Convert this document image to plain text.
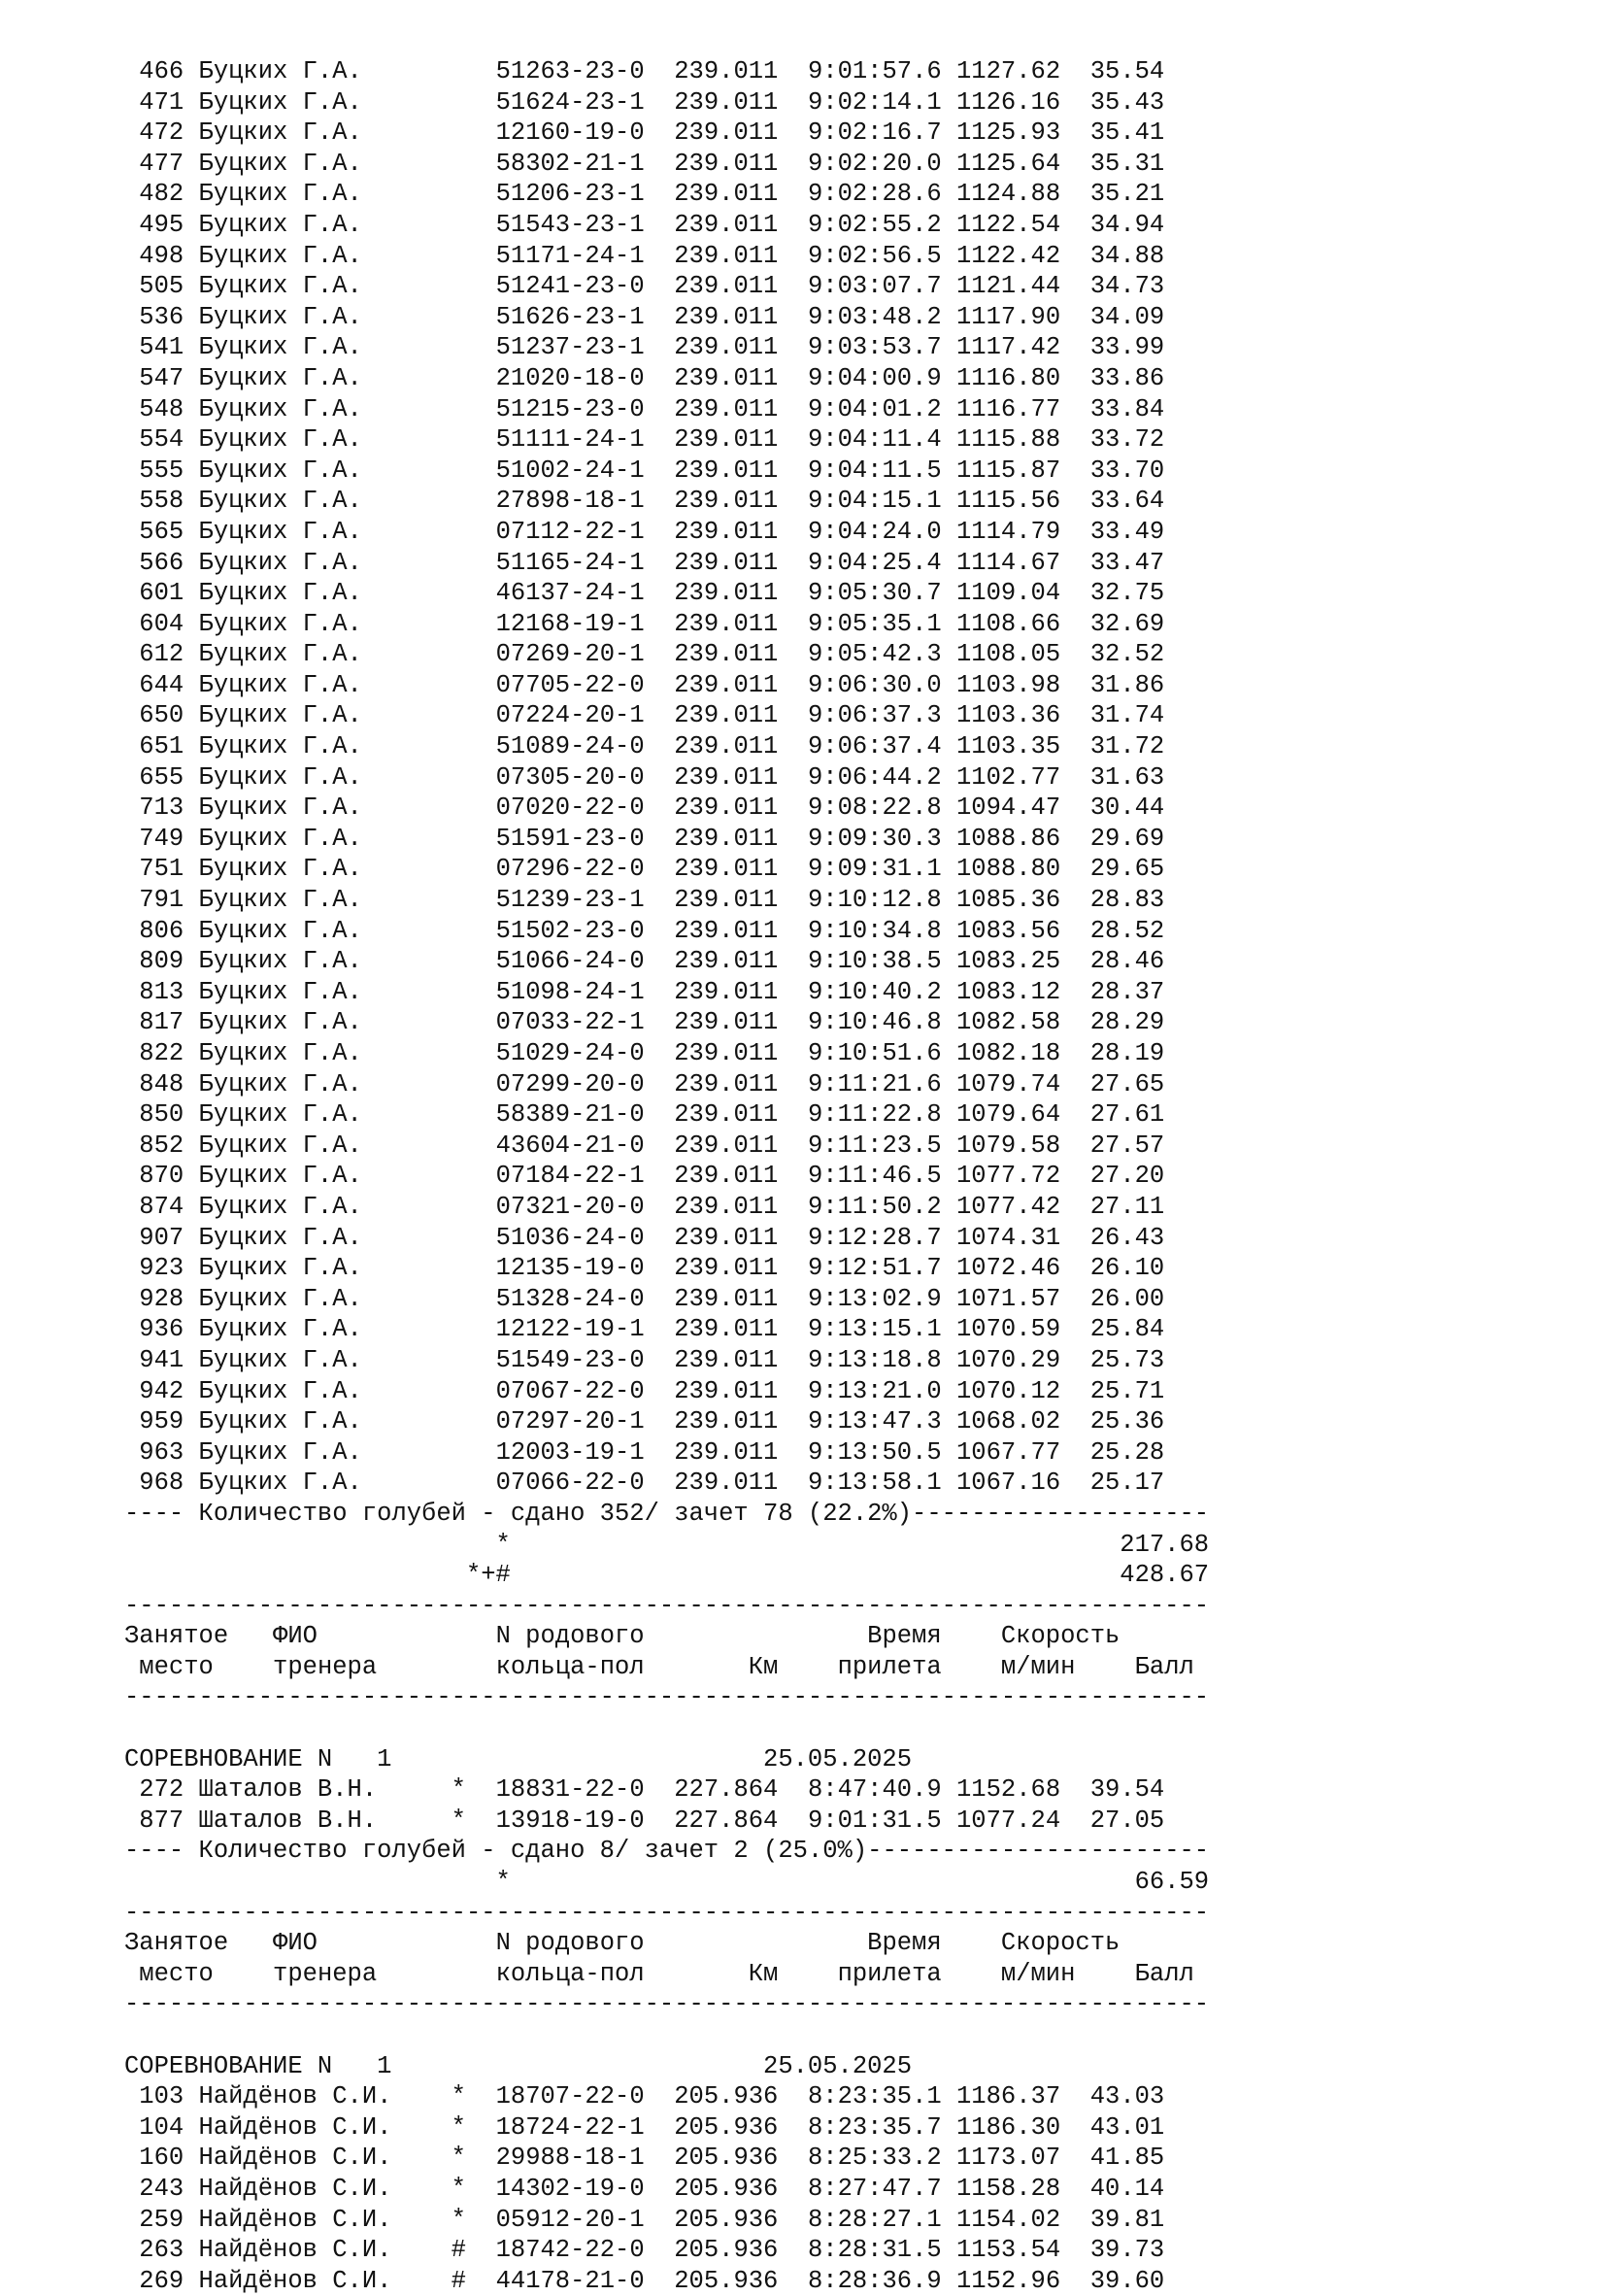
466 Буцких Г.А.         51263-23-0  239.011  9:01:57.6 1127.62  35.54
471 Буцких Г.А.         51624-23-1  239.011  9:02:14.1 1126.16  35.43
472 Буцких Г.А.         12160-19-0  239.011  9:02:16.7 1125.93  35.41
477 Буцких Г.А.         58302-21-1  239.011  9:02:20.0 1125.64  35.31
482 Буцких Г.А.         51206-23-1  239.011  9:02:28.6 1124.88  35.21
495 Буцких Г.А.         51543-23-1  239.011  9:02:55.2 1122.54  34.94
498 Буцких Г.А.         51171-24-1  239.011  9:02:56.5 1122.42  34.88
505 Буцких Г.А.         51241-23-0  239.011  9:03:07.7 1121.44  34.73
536 Буцких Г.А.         51626-23-1  239.011  9:03:48.2 1117.90  34.09
541 Буцких Г.А.         51237-23-1  239.011  9:03:53.7 1117.42  33.99
547 Буцких Г.А.         21020-18-0  239.011  9:04:00.9 1116.80  33.86
548 Буцких Г.А.         51215-23-0  239.011  9:04:01.2 1116.77  33.84
554 Буцких Г.А.         51111-24-1  239.011  9:04:11.4 1115.88  33.72
555 Буцких Г.А.         51002-24-1  239.011  9:04:11.5 1115.87  33.70
558 Буцких Г.А.         27898-18-1  239.011  9:04:15.1 1115.56  33.64
565 Буцких Г.А.         07112-22-1  239.011  9:04:24.0 1114.79  33.49
566 Буцких Г.А.         51165-24-1  239.011  9:04:25.4 1114.67  33.47
601 Буцких Г.А.         46137-24-1  239.011  9:05:30.7 1109.04  32.75
604 Буцких Г.А.         12168-19-1  239.011  9:05:35.1 1108.66  32.69
612 Буцких Г.А.         07269-20-1  239.011  9:05:42.3 1108.05  32.52
644 Буцких Г.А.         07705-22-0  239.011  9:06:30.0 1103.98  31.86
650 Буцких Г.А.         07224-20-1  239.011  9:06:37.3 1103.36  31.74
651 Буцких Г.А.         51089-24-0  239.011  9:06:37.4 1103.35  31.72
655 Буцких Г.А.         07305-20-0  239.011  9:06:44.2 1102.77  31.63
713 Буцких Г.А.         07020-22-0  239.011  9:08:22.8 1094.47  30.44
749 Буцких Г.А.         51591-23-0  239.011  9:09:30.3 1088.86  29.69
751 Буцких Г.А.         07296-22-0  239.011  9:09:31.1 1088.80  29.65
791 Буцких Г.А.         51239-23-1  239.011  9:10:12.8 1085.36  28.83
806 Буцких Г.А.         51502-23-0  239.011  9:10:34.8 1083.56  28.52
809 Буцких Г.А.         51066-24-0  239.011  9:10:38.5 1083.25  28.46
813 Буцких Г.А.         51098-24-1  239.011  9:10:40.2 1083.12  28.37
817 Буцких Г.А.         07033-22-1  239.011  9:10:46.8 1082.58  28.29
822 Буцких Г.А.         51029-24-0  239.011  9:10:51.6 1082.18  28.19
848 Буцких Г.А.         07299-20-0  239.011  9:11:21.6 1079.74  27.65
850 Буцких Г.А.         58389-21-0  239.011  9:11:22.8 1079.64  27.61
852 Буцких Г.А.         43604-21-0  239.011  9:11:23.5 1079.58  27.57
870 Буцких Г.А.         07184-22-1  239.011  9:11:46.5 1077.72  27.20
874 Буцких Г.А.         07321-20-0  239.011  9:11:50.2 1077.42  27.11
907 Буцких Г.А.         51036-24-0  239.011  9:12:28.7 1074.31  26.43
923 Буцких Г.А.         12135-19-0  239.011  9:12:51.7 1072.46  26.10
928 Буцких Г.А.         51328-24-0  239.011  9:13:02.9 1071.57  26.00
936 Буцких Г.А.         12122-19-1  239.011  9:13:15.1 1070.59  25.84
941 Буцких Г.А.         51549-23-0  239.011  9:13:18.8 1070.29  25.73
942 Буцких Г.А.         07067-22-0  239.011  9:13:21.0 1070.12  25.71
959 Буцких Г.А.         07297-20-1  239.011  9:13:47.3 1068.02  25.36
963 Буцких Г.А.         12003-19-1  239.011  9:13:50.5 1067.77  25.28
968 Буцких Г.А.         07066-22-0  239.011  9:13:58.1 1067.16  25.17
---- Количество голубей - сдано 352/ зачет 78 (22.2%)--------------------
*                                         217.68
*+#                                         428.67
-------------------------------------------------------------------------
Занятое   ФИО            N родового               Время    Скорость
место    тренера        кольца-пол       Км    прилета    м/мин    Балл
-------------------------------------------------------------------------
СОРЕВНОВАНИЕ N   1                         25.05.2025
272 Шаталов В.Н.     *  18831-22-0  227.864  8:47:40.9 1152.68  39.54
877 Шаталов В.Н.     *  13918-19-0  227.864  9:01:31.5 1077.24  27.05
---- Количество голубей - сдано 8/ зачет 2 (25.0%)-----------------------
*                                          66.59
-------------------------------------------------------------------------
Занятое   ФИО            N родового               Время    Скорость
место    тренера        кольца-пол       Км    прилета    м/мин    Балл
-------------------------------------------------------------------------
СОРЕВНОВАНИЕ N   1                         25.05.2025
103 Найдёнов С.И.    *  18707-22-0  205.936  8:23:35.1 1186.37  43.03
104 Найдёнов С.И.    *  18724-22-1  205.936  8:23:35.7 1186.30  43.01
160 Найдёнов С.И.    *  29988-18-1  205.936  8:25:33.2 1173.07  41.85
243 Найдёнов С.И.    *  14302-19-0  205.936  8:27:47.7 1158.28  40.14
259 Найдёнов С.И.    *  05912-20-1  205.936  8:28:27.1 1154.02  39.81
263 Найдёнов С.И.    #  18742-22-0  205.936  8:28:31.5 1153.54  39.73
269 Найдёнов С.И.    #  44178-21-0  205.936  8:28:36.9 1152.96  39.60
